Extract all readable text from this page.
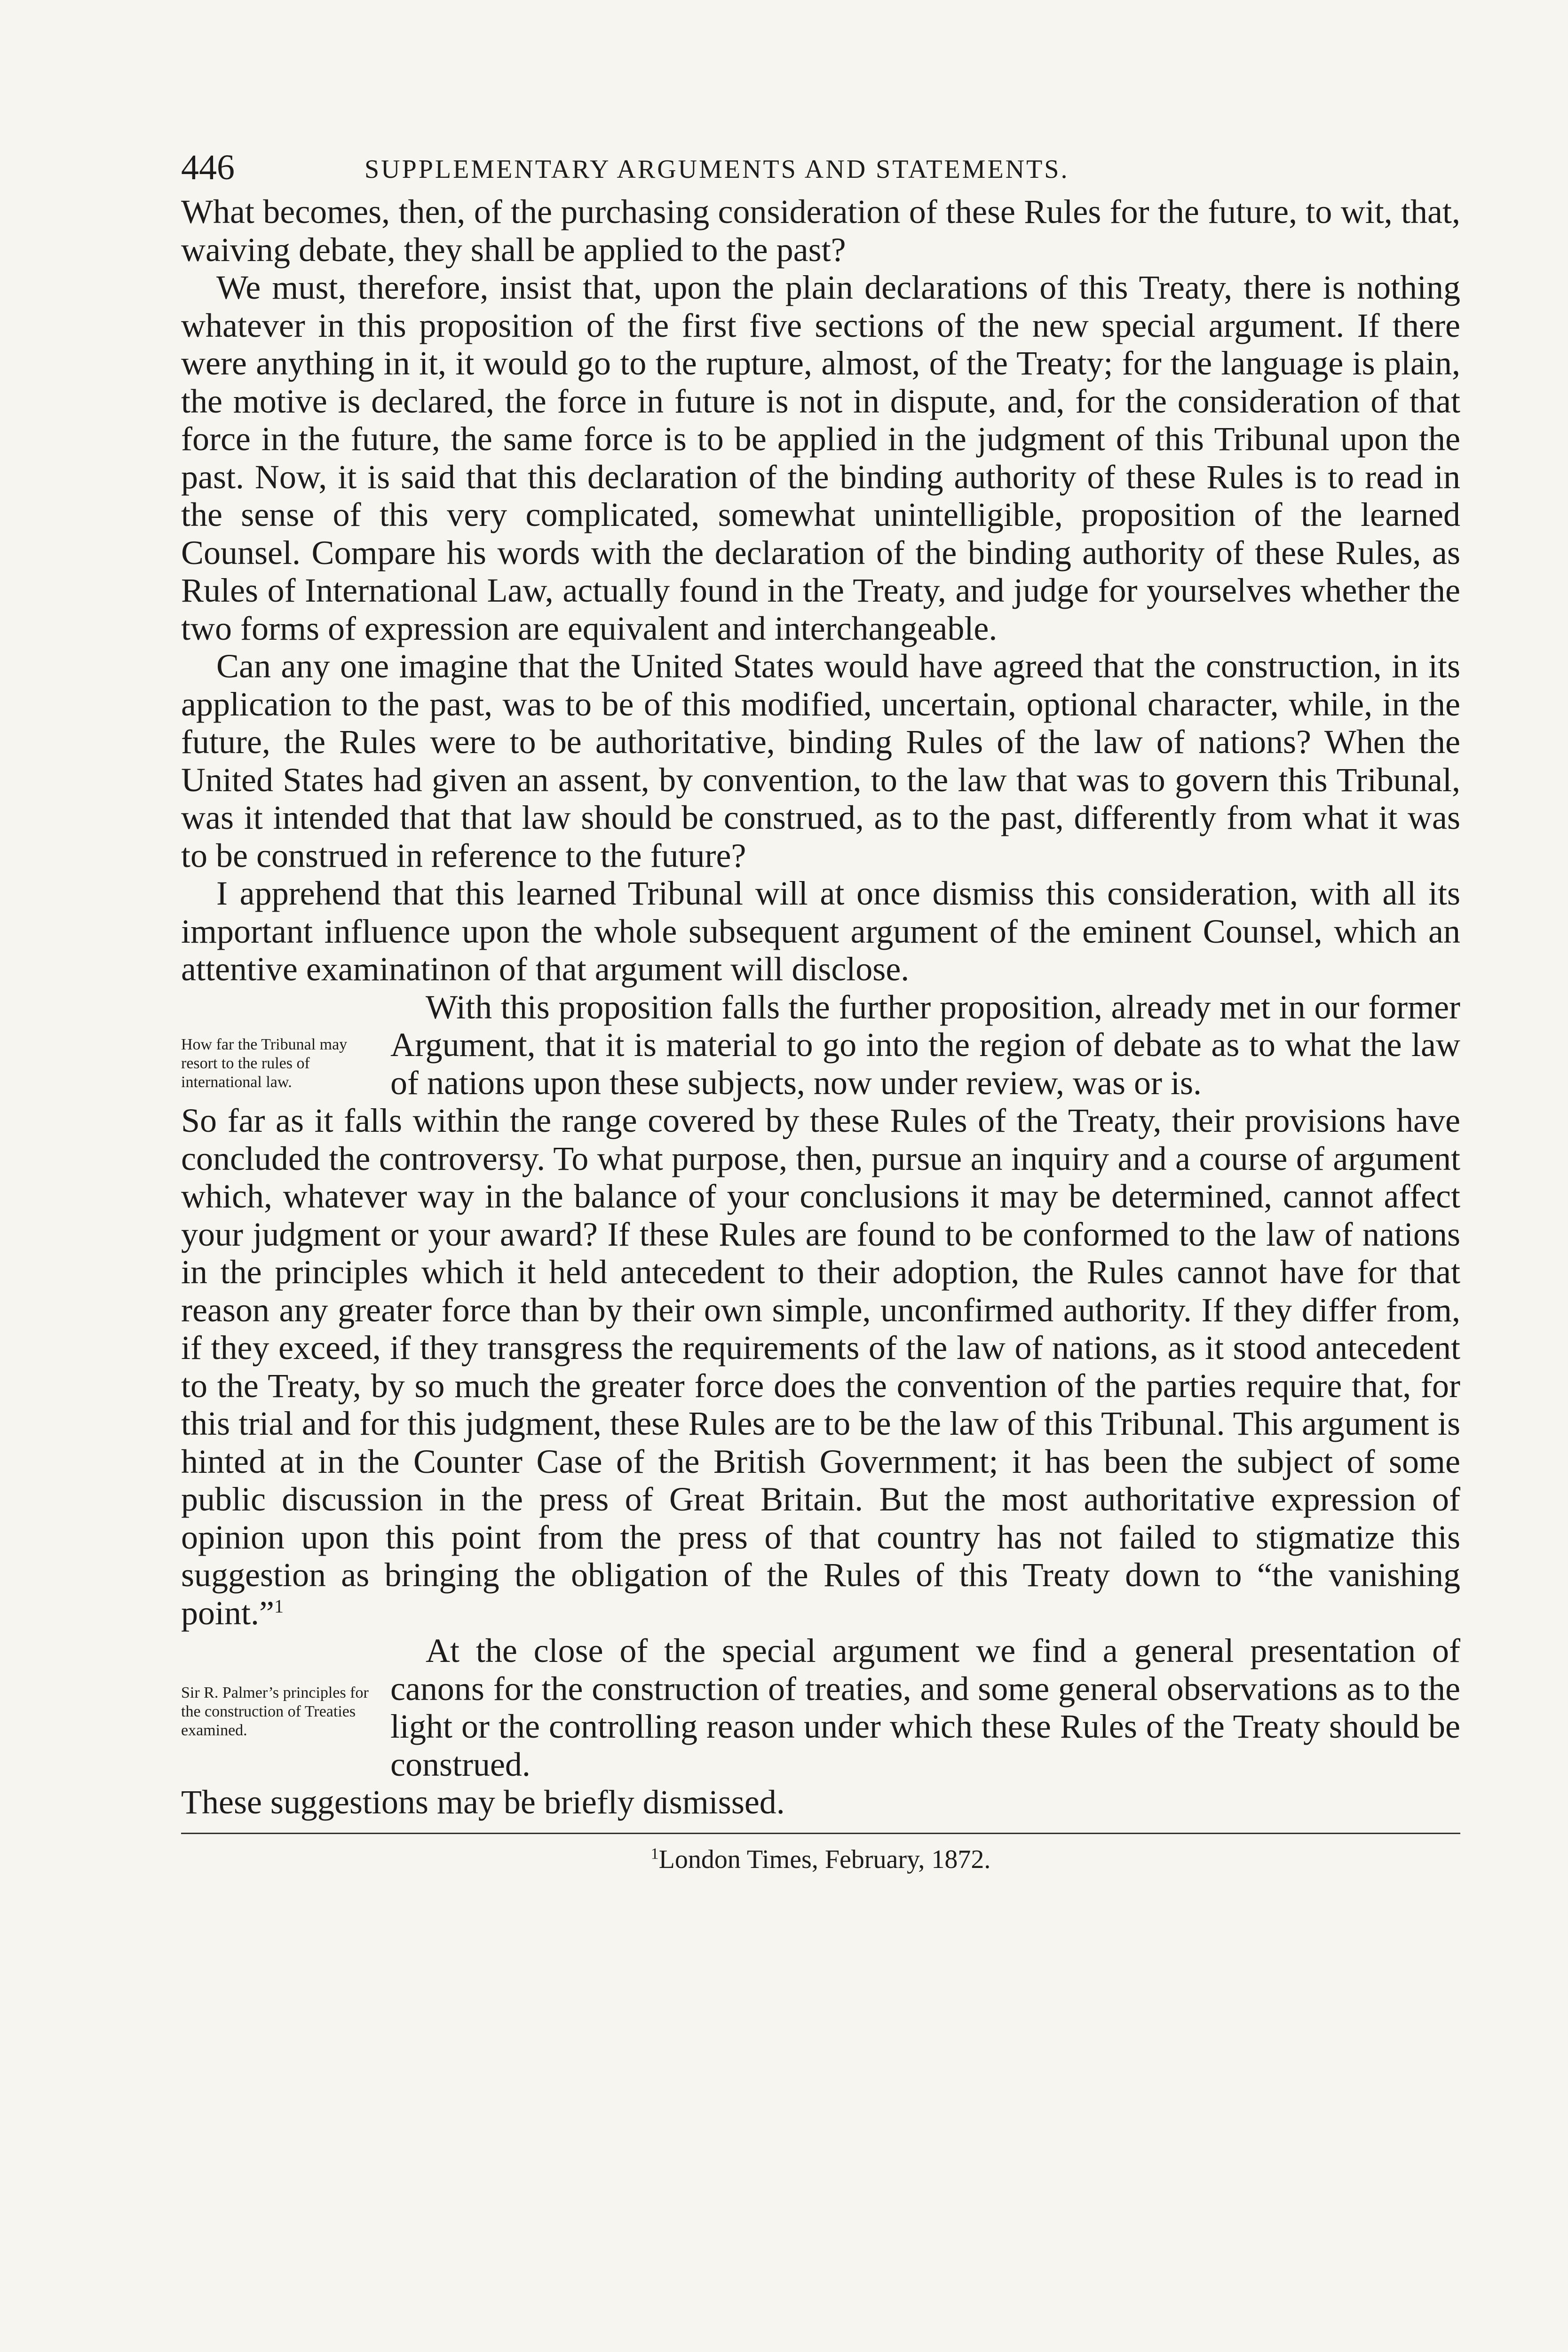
446	SUPPLEMENTARY ARGUMENTS AND STATEMENTS.

What becomes, then, of the purchasing consideration of these Rules for the future, to wit, that, waiving debate, they shall be applied to the past?

We must, therefore, insist that, upon the plain declarations of this Treaty, there is nothing whatever in this proposition of the first five sections of the new special argument. If there were anything in it, it would go to the rupture, almost, of the Treaty; for the language is plain, the motive is declared, the force in future is not in dispute, and, for the consideration of that force in the future, the same force is to be applied in the judgment of this Tribunal upon the past. Now, it is said that this declaration of the binding authority of these Rules is to read in the sense of this very complicated, somewhat unintelligible, proposition of the learned Counsel. Compare his words with the declaration of the binding authority of these Rules, as Rules of International Law, actually found in the Treaty, and judge for yourselves whether the two forms of expression are equivalent and interchangeable.

Can any one imagine that the United States would have agreed that the construction, in its application to the past, was to be of this modified, uncertain, optional character, while, in the future, the Rules were to be authoritative, binding Rules of the law of nations? When the United States had given an assent, by convention, to the law that was to govern this Tribunal, was it intended that that law should be construed, as to the past, differently from what it was to be construed in reference to the future?

I apprehend that this learned Tribunal will at once dismiss this consideration, with all its important influence upon the whole subsequent argument of the eminent Counsel, which an attentive examinatinon of that argument will disclose.

How far the Tribunal may resort to the rules of international law.

With this proposition falls the further proposition, already met in our former Argument, that it is material to go into the region of debate as to what the law of nations upon these subjects, now under review, was or is.

So far as it falls within the range covered by these Rules of the Treaty, their provisions have concluded the controversy. To what purpose, then, pursue an inquiry and a course of argument which, whatever way in the balance of your conclusions it may be determined, cannot affect your judgment or your award? If these Rules are found to be conformed to the law of nations in the principles which it held antecedent to their adoption, the Rules cannot have for that reason any greater force than by their own simple, unconfirmed authority. If they differ from, if they exceed, if they transgress the requirements of the law of nations, as it stood antecedent to the Treaty, by so much the greater force does the convention of the parties require that, for this trial and for this judgment, these Rules are to be the law of this Tribunal. This argument is hinted at in the Counter Case of the British Government; it has been the subject of some public discussion in the press of Great Britain. But the most authoritative expression of opinion upon this point from the press of that country has not failed to stigmatize this suggestion as bringing the obligation of the Rules of this Treaty down to “the vanishing point.”$^1$

Sir R. Palmer’s principles for the construction of Treaties examined.

At the close of the special argument we find a general presentation of canons for the construction of treaties, and some general observations as to the light or the controlling reason under which these Rules of the Treaty should be construed.

These suggestions may be briefly dismissed.

$^1$London Times, February, 1872.
